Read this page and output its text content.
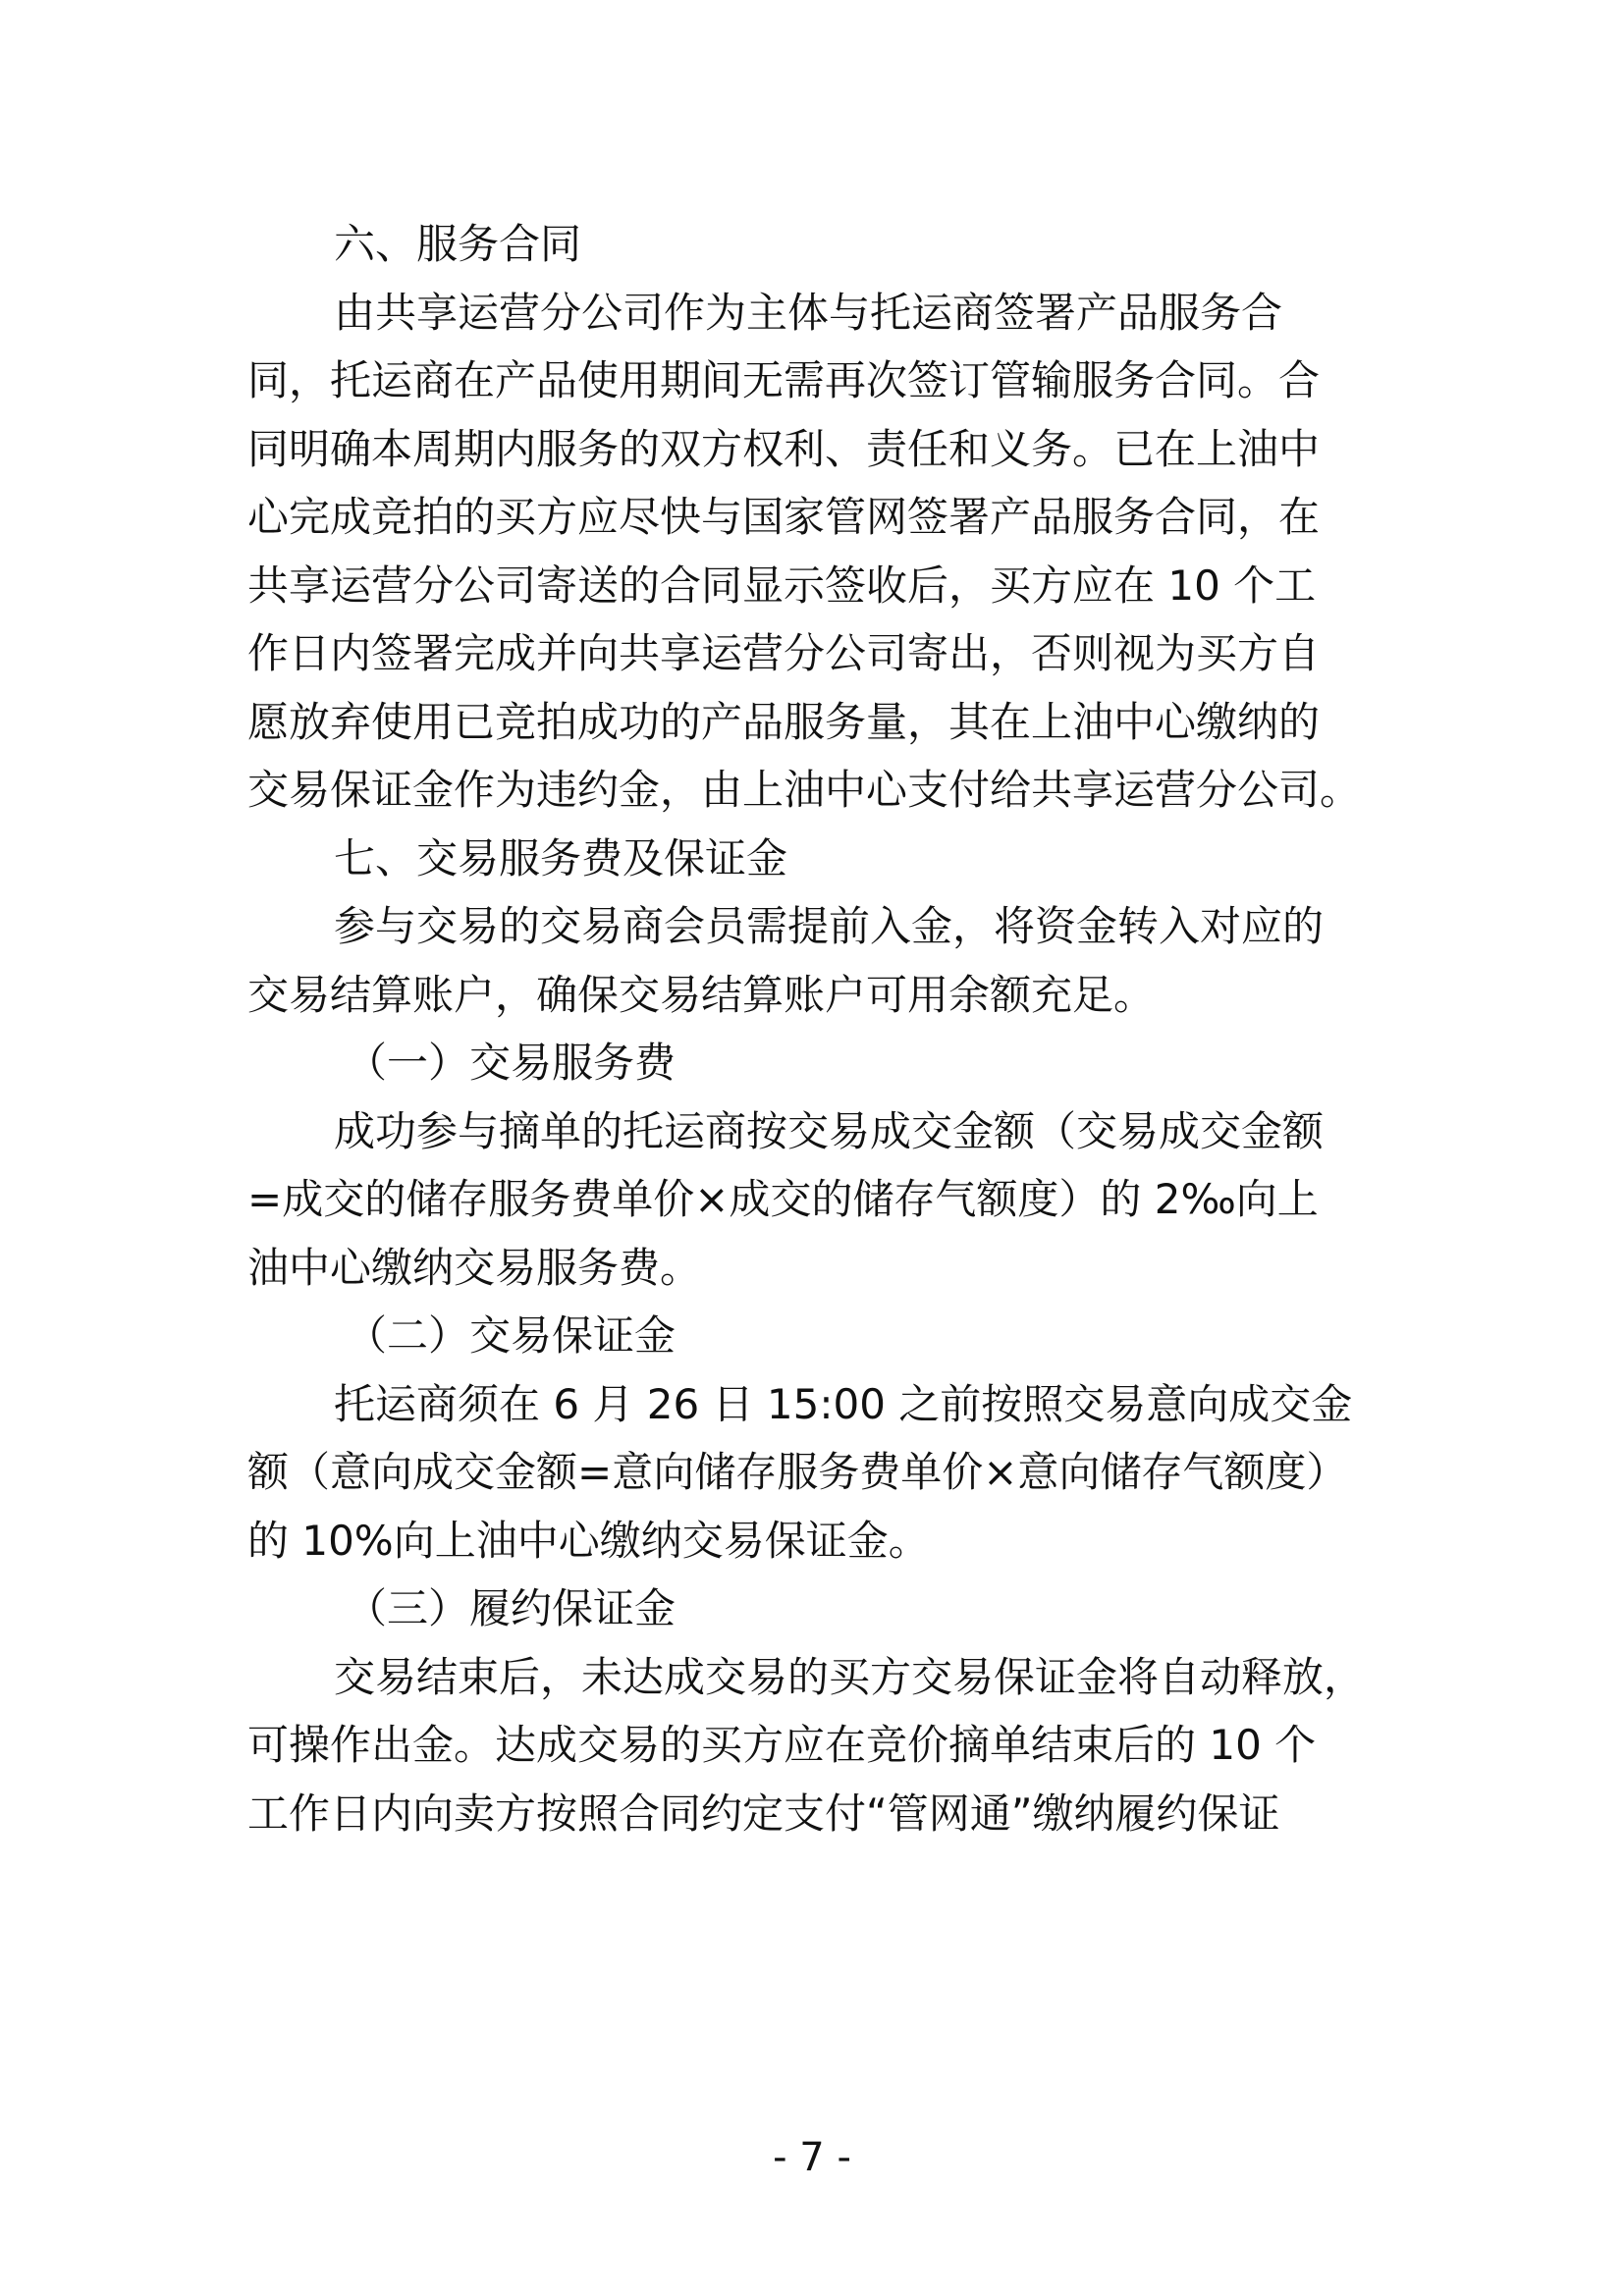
六、服务合同
由共享运营分公司作为主体与托运商签署产品服务合
同，托运商在产品使用期间无需再次签订管输服务合同。合
同明确本周期内服务的双方权利、责任和义务。已在上油中
心完成竞拍的买方应尽快与国家管网签署产品服务合同，在
共享运营分公司寄送的合同显示签收后，买方应在 10 个工
作日内签署完成并向共享运营分公司寄出，否则视为买方自
愿放弃使用已竞拍成功的产品服务量，其在上油中心缴纳的
交易保证金作为违约金，由上油中心支付给共享运营分公司。
七、交易服务费及保证金
参与交易的交易商会员需提前入金，将资金转入对应的
交易结算账户，确保交易结算账户可用余额充足。
（一）交易服务费
成功参与摘单的托运商按交易成交金额（交易成交金额
=成交的储存服务费单价×成交的储存气额度）的 2‰向上
油中心缴纳交易服务费。
（二）交易保证金
托运商须在 6 月 26 日 15:00 之前按照交易意向成交金
额（意向成交金额=意向储存服务费单价×意向储存气额度）
的 10%向上油中心缴纳交易保证金。
（三）履约保证金
交易结束后，未达成交易的买方交易保证金将自动释放，
可操作出金。达成交易的买方应在竞价摘单结束后的 10 个
工作日内向卖方按照合同约定支付“管网通”缴纳履约保证
- 7 -
